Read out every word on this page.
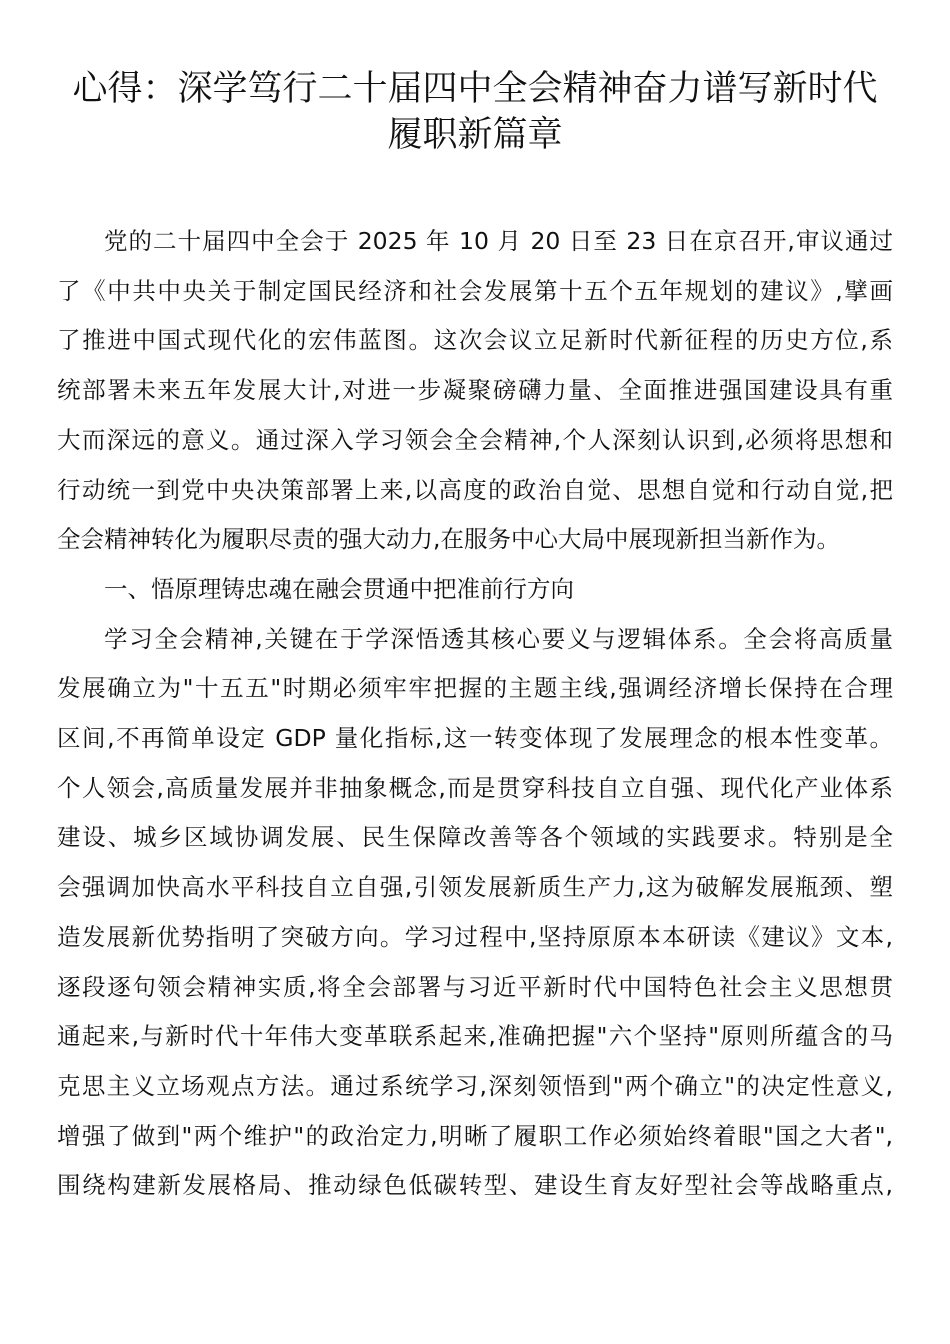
心得：深学笃行二十届四中全会精神奋力谱写新时代
履职新篇章
党的二十届四中全会于 2025 年 10 月 20 日至 23 日在京召开,审议通过
了《中共中央关于制定国民经济和社会发展第十五个五年规划的建议》,擘画
了推进中国式现代化的宏伟蓝图。这次会议立足新时代新征程的历史方位,系
统部署未来五年发展大计,对进一步凝聚磅礴力量、全面推进强国建设具有重
大而深远的意义。通过深入学习领会全会精神,个人深刻认识到,必须将思想和
行动统一到党中央决策部署上来,以高度的政治自觉、思想自觉和行动自觉,把
全会精神转化为履职尽责的强大动力,在服务中心大局中展现新担当新作为。
一、悟原理铸忠魂在融会贯通中把准前行方向
学习全会精神,关键在于学深悟透其核心要义与逻辑体系。全会将高质量
发展确立为"十五五"时期必须牢牢把握的主题主线,强调经济增长保持在合理
区间,不再简单设定 GDP 量化指标,这一转变体现了发展理念的根本性变革。
个人领会,高质量发展并非抽象概念,而是贯穿科技自立自强、现代化产业体系
建设、城乡区域协调发展、民生保障改善等各个领域的实践要求。特别是全
会强调加快高水平科技自立自强,引领发展新质生产力,这为破解发展瓶颈、塑
造发展新优势指明了突破方向。学习过程中,坚持原原本本研读《建议》文本,
逐段逐句领会精神实质,将全会部署与习近平新时代中国特色社会主义思想贯
通起来,与新时代十年伟大变革联系起来,准确把握"六个坚持"原则所蕴含的马
克思主义立场观点方法。通过系统学习,深刻领悟到"两个确立"的决定性意义,
增强了做到"两个维护"的政治定力,明晰了履职工作必须始终着眼"国之大者",
围绕构建新发展格局、推动绿色低碳转型、建设生育友好型社会等战略重点,
